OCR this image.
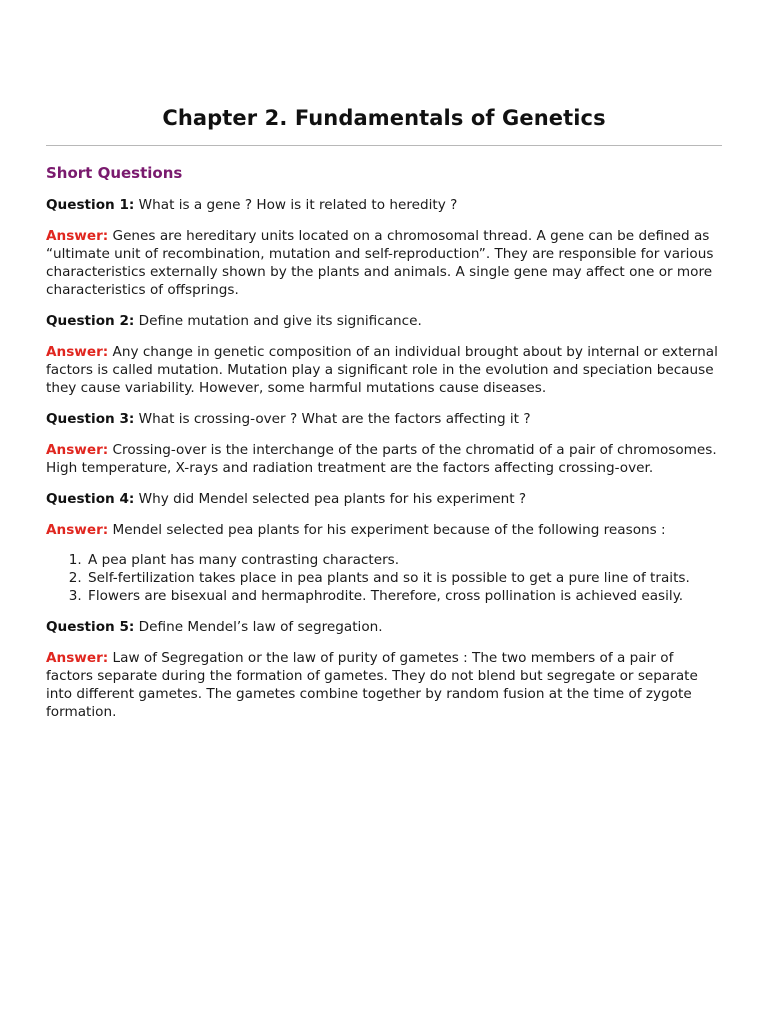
Chapter 2. Fundamentals of Genetics
Short Questions
Question 1: What is a gene ? How is it related to heredity ?
Answer: Genes are hereditary units located on a chromosomal thread. A gene can be defined as “ultimate unit of recombination, mutation and self-reproduction”. They are responsible for various characteristics externally shown by the plants and animals. A single gene may affect one or more characteristics of offsprings.
Question 2: Define mutation and give its significance.
Answer: Any change in genetic composition of an individual brought about by internal or external factors is called mutation. Mutation play a significant role in the evolution and speciation because they cause variability. However, some harmful mutations cause diseases.
Question 3: What is crossing-over ? What are the factors affecting it ?
Answer: Crossing-over is the interchange of the parts of the chromatid of a pair of chromosomes. High temperature, X-rays and radiation treatment are the factors affecting crossing-over.
Question 4: Why did Mendel selected pea plants for his experiment ?
Answer: Mendel selected pea plants for his experiment because of the following reasons :
1. A pea plant has many contrasting characters.
2. Self-fertilization takes place in pea plants and so it is possible to get a pure line of traits.
3. Flowers are bisexual and hermaphrodite. Therefore, cross pollination is achieved easily.
Question 5: Define Mendel’s law of segregation.
Answer: Law of Segregation or the law of purity of gametes : The two members of a pair of factors separate during the formation of gametes. They do not blend but segregate or separate into different gametes. The gametes combine together by random fusion at the time of zygote formation.
